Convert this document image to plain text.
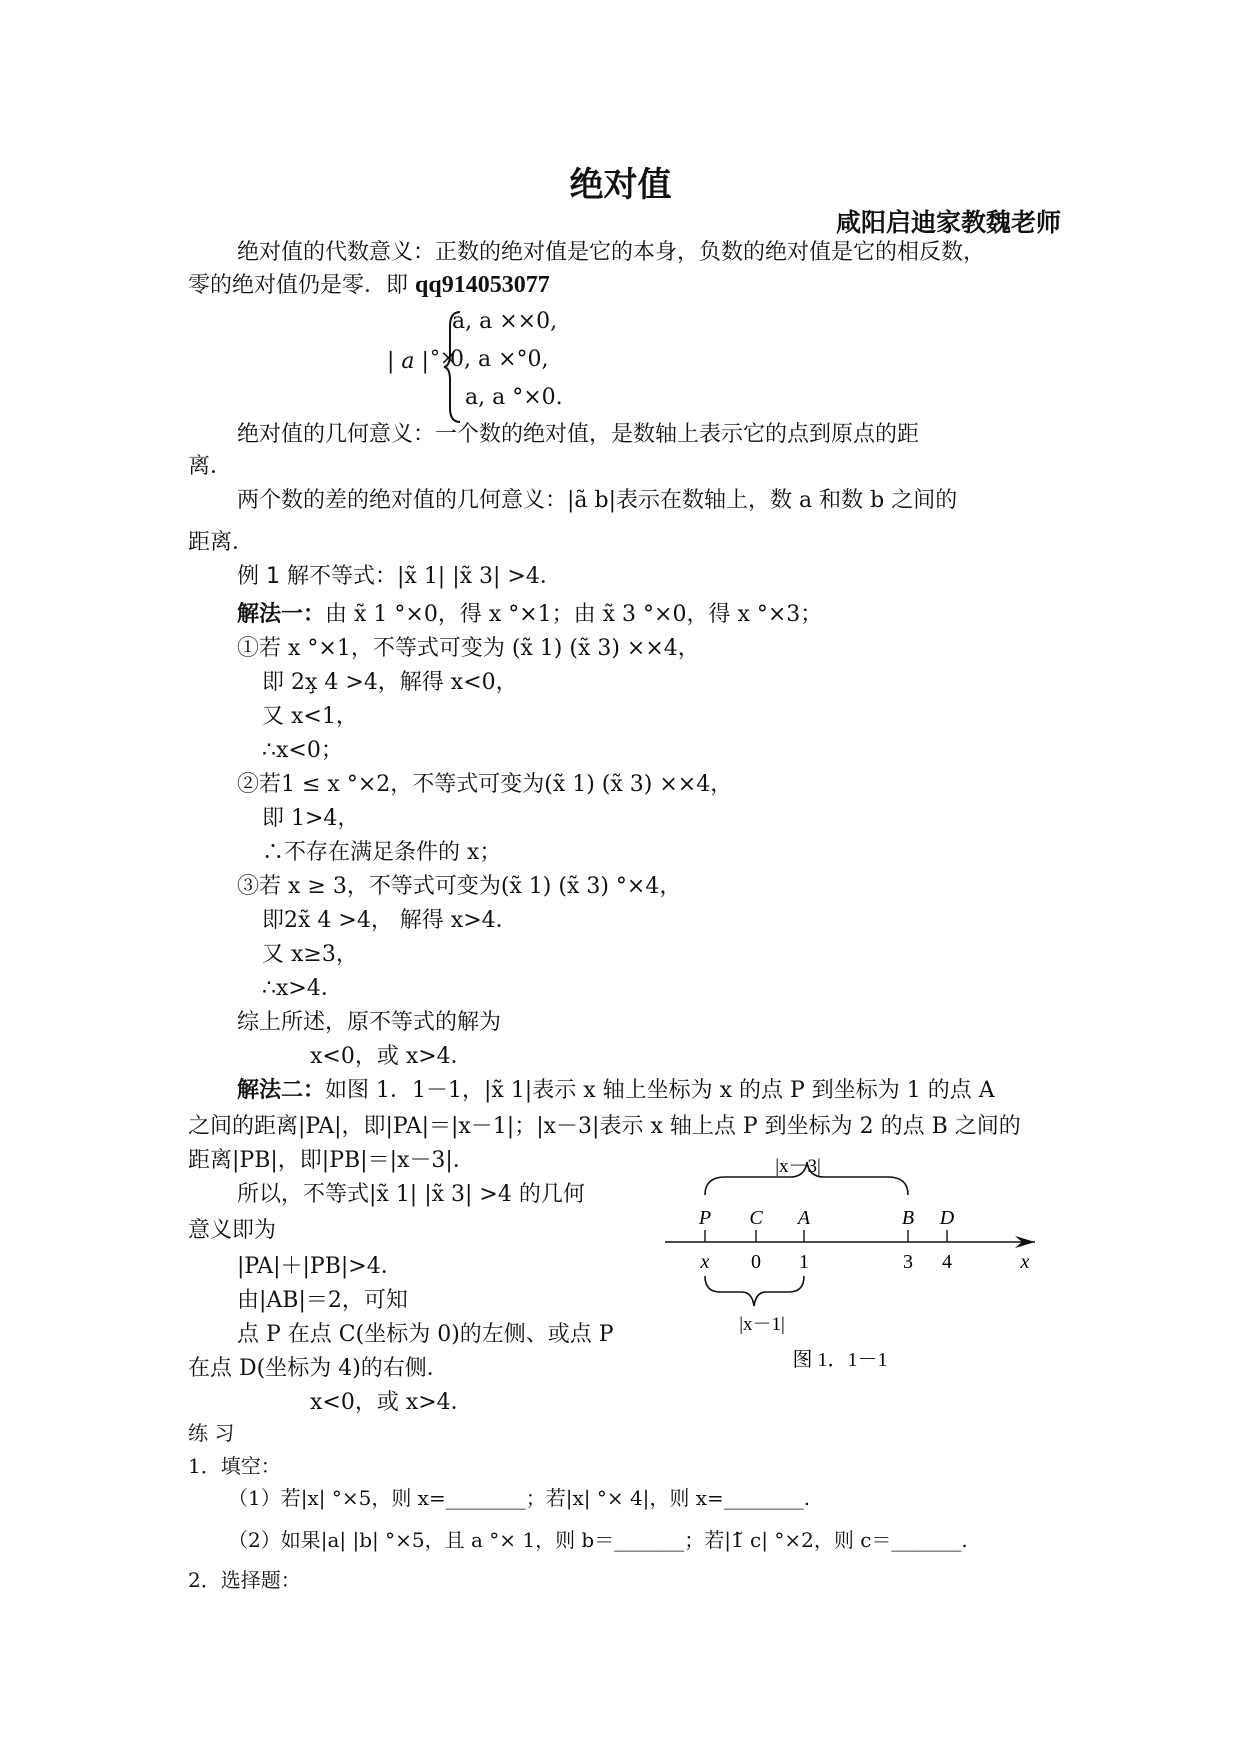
绝对值
咸阳启迪家教魏老师
绝对值的代数意义：正数的绝对值是它的本身，负数的绝对值是它的相反数，
零的绝对值仍是零．即 qq914053077
| a | °×
a, a ××0,
0, a ×°0,
a, a °×0.
绝对值的几何意义：一个数的绝对值，是数轴上表示它的点到原点的距
离．
两个数的差的绝对值的几何意义：|ã b|表示在数轴上，数 a 和数 b 之间的
距离．
例 1 解不等式：|x̃ 1| |x̃ 3| >4．
解法一：由 x̃ 1 °×0，得 x °×1；由 x̃ 3 °×0，得 x °×3；
①若 x °×1，不等式可变为 (x̃ 1) (x̃ 3) ××4，
即 2x̧ 4 >4，解得 x<0，
又 x<1，
∴x<0；
②若1 ≤ x °×2，不等式可变为(x̃ 1) (x̃ 3) ××4，
即 1>4，
∴不存在满足条件的 x；
③若 x ≥ 3，不等式可变为(x̃ 1) (x̃ 3) °×4，
即2x̃ 4 >4， 解得 x>4．
又 x≥3，
∴x>4．
综上所述，原不等式的解为
x<0，或 x>4．
解法二：如图 1．1－1，|x̃ 1|表示 x 轴上坐标为 x 的点 P 到坐标为 1 的点 A
之间的距离|PA|，即|PA|＝|x－1|；|x－3|表示 x 轴上点 P 到坐标为 2 的点 B 之间的
距离|PB|，即|PB|＝|x－3|．
所以，不等式|x̃ 1| |x̃ 3| >4 的几何
意义即为
|PA|＋|PB|>4．
由|AB|＝2，可知
点 P 在点 C(坐标为 0)的左侧、或点 P
在点 D(坐标为 4)的右侧．
x<0，或 x>4．
|x－3|
P C A	B D
x 0 1	3 4	x
|x－1|
图 1．1－1
练 习
1．填空：
（1）若|x| °×5，则 x=________；若|x| °× 4|，则 x=________.
（2）如果|a| |b| °×5，且 a °× 1，则 b＝_______；若|1̃ c| °×2，则 c＝_______.
2．选择题：
